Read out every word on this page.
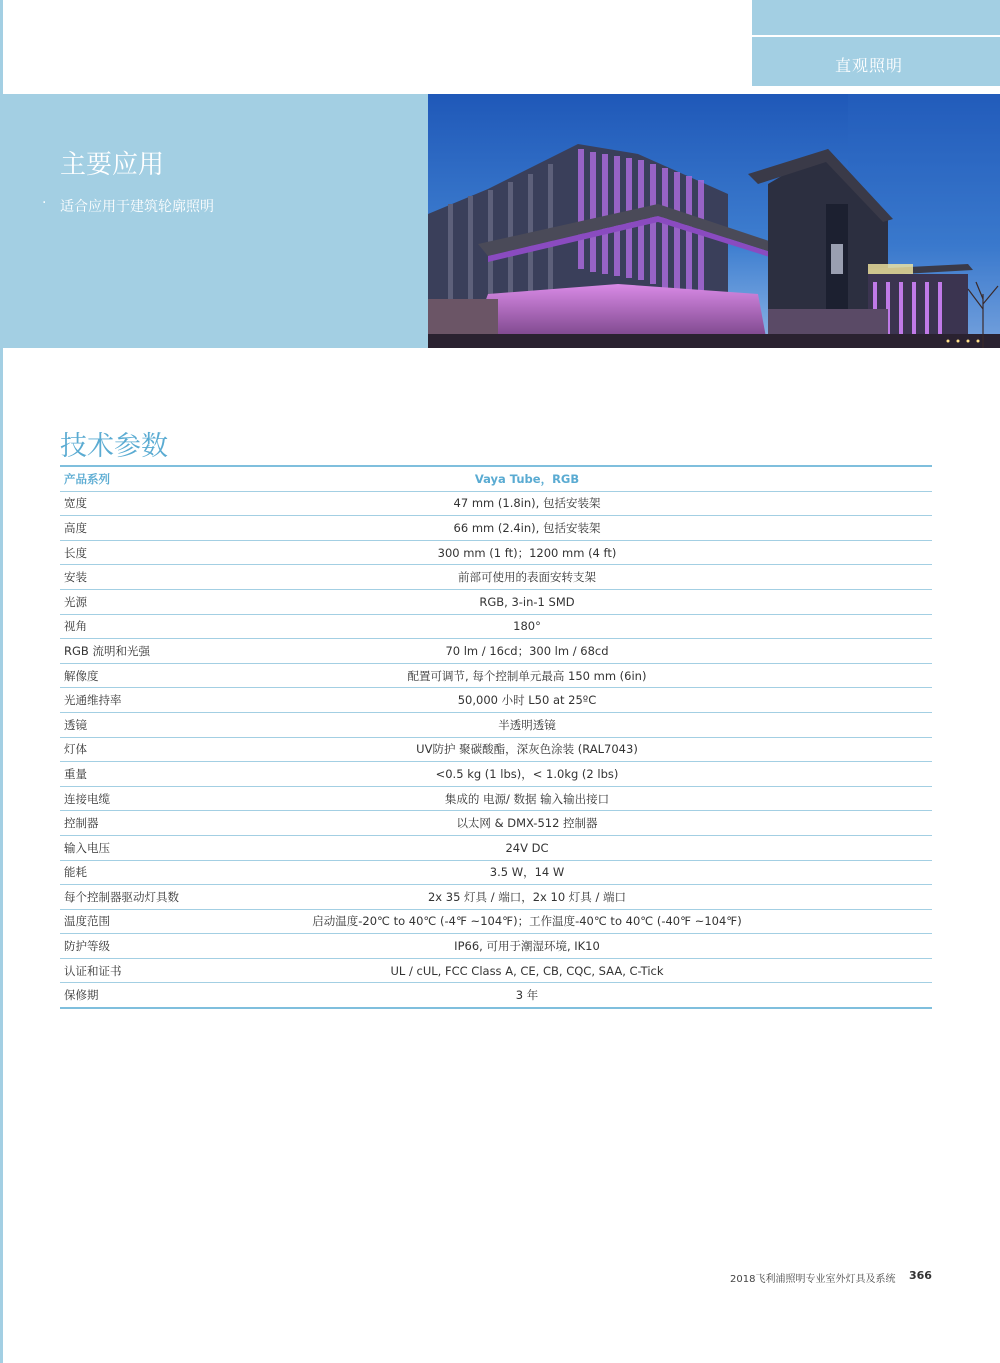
直观照明
主要应用
· 适合应用于建筑轮廓照明
技术参数
产品系列	Vaya Tube，RGB
宽度	47 mm (1.8in), 包括安装架
高度	66 mm (2.4in), 包括安装架
长度	300 mm (1 ft)；1200 mm (4 ft)
安装	前部可使用的表面安转支架
光源	RGB, 3-in-1 SMD
视角	180°
RGB 流明和光强	70 lm / 16cd；300 lm / 68cd
解像度	配置可调节, 每个控制单元最高 150 mm (6in)
光通维持率	50,000 小时 L50 at 25ºC
透镜	半透明透镜
灯体	UV防护 聚碳酸酯，深灰色涂装 (RAL7043)
重量	<0.5 kg (1 lbs)，< 1.0kg (2 lbs)
连接电缆	集成的 电源/ 数据 输入输出接口
控制器	以太网 & DMX-512 控制器
输入电压	24V DC
能耗	3.5 W，14 W
每个控制器驱动灯具数	2x 35 灯具 / 端口，2x 10 灯具 / 端口
温度范围	启动温度-20℃ to 40℃ (-4℉ ~104℉)；工作温度-40℃ to 40℃ (-40℉ ~104℉)
防护等级	IP66, 可用于潮湿环境, IK10
认证和证书	UL / cUL, FCC Class A, CE, CB, CQC, SAA, C-Tick
保修期	3 年
2018飞利浦照明专业室外灯具及系统 366
